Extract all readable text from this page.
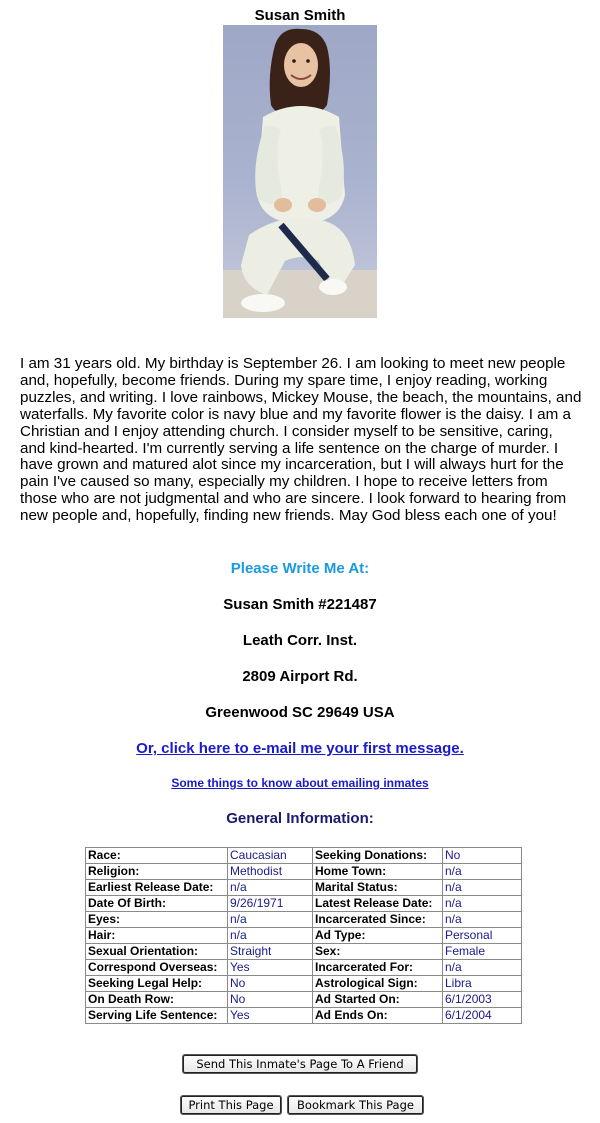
Susan Smith

I am 31 years old. My birthday is September 26. I am looking to meet new people and, hopefully, become friends. During my spare time, I enjoy reading, working puzzles, and writing. I love rainbows, Mickey Mouse, the beach, the mountains, and waterfalls. My favorite color is navy blue and my favorite flower is the daisy. I am a Christian and I enjoy attending church. I consider myself to be sensitive, caring, and kind-hearted. I'm currently serving a life sentence on the charge of murder. I have grown and matured alot since my incarceration, but I will always hurt for the pain I've caused so many, especially my children. I hope to receive letters from those who are not judgmental and who are sincere. I look forward to hearing from new people and, hopefully, finding new friends. May God bless each one of you!

Please Write Me At:

Susan Smith #221487

Leath Corr. Inst.

2809 Airport Rd.

Greenwood SC 29649 USA

Or, click here to e-mail me your first message.
Some things to know about emailing inmates

General Information:

Race:	Caucasian	Seeking Donations:	No
Religion:	Methodist	Home Town:	n/a
Earliest Release Date:	n/a	Marital Status:	n/a
Date Of Birth:	9/26/1971	Latest Release Date:	n/a
Eyes:	n/a	Incarcerated Since:	n/a
Hair:	n/a	Ad Type:	Personal
Sexual Orientation:	Straight	Sex:	Female
Correspond Overseas:	Yes	Incarcerated For:	n/a
Seeking Legal Help:	No	Astrological Sign:	Libra
On Death Row:	No	Ad Started On:	6/1/2003
Serving Life Sentence:	Yes	Ad Ends On:	6/1/2004
Send This Inmate's Page To A Friend
Print This Page	Bookmark This Page
